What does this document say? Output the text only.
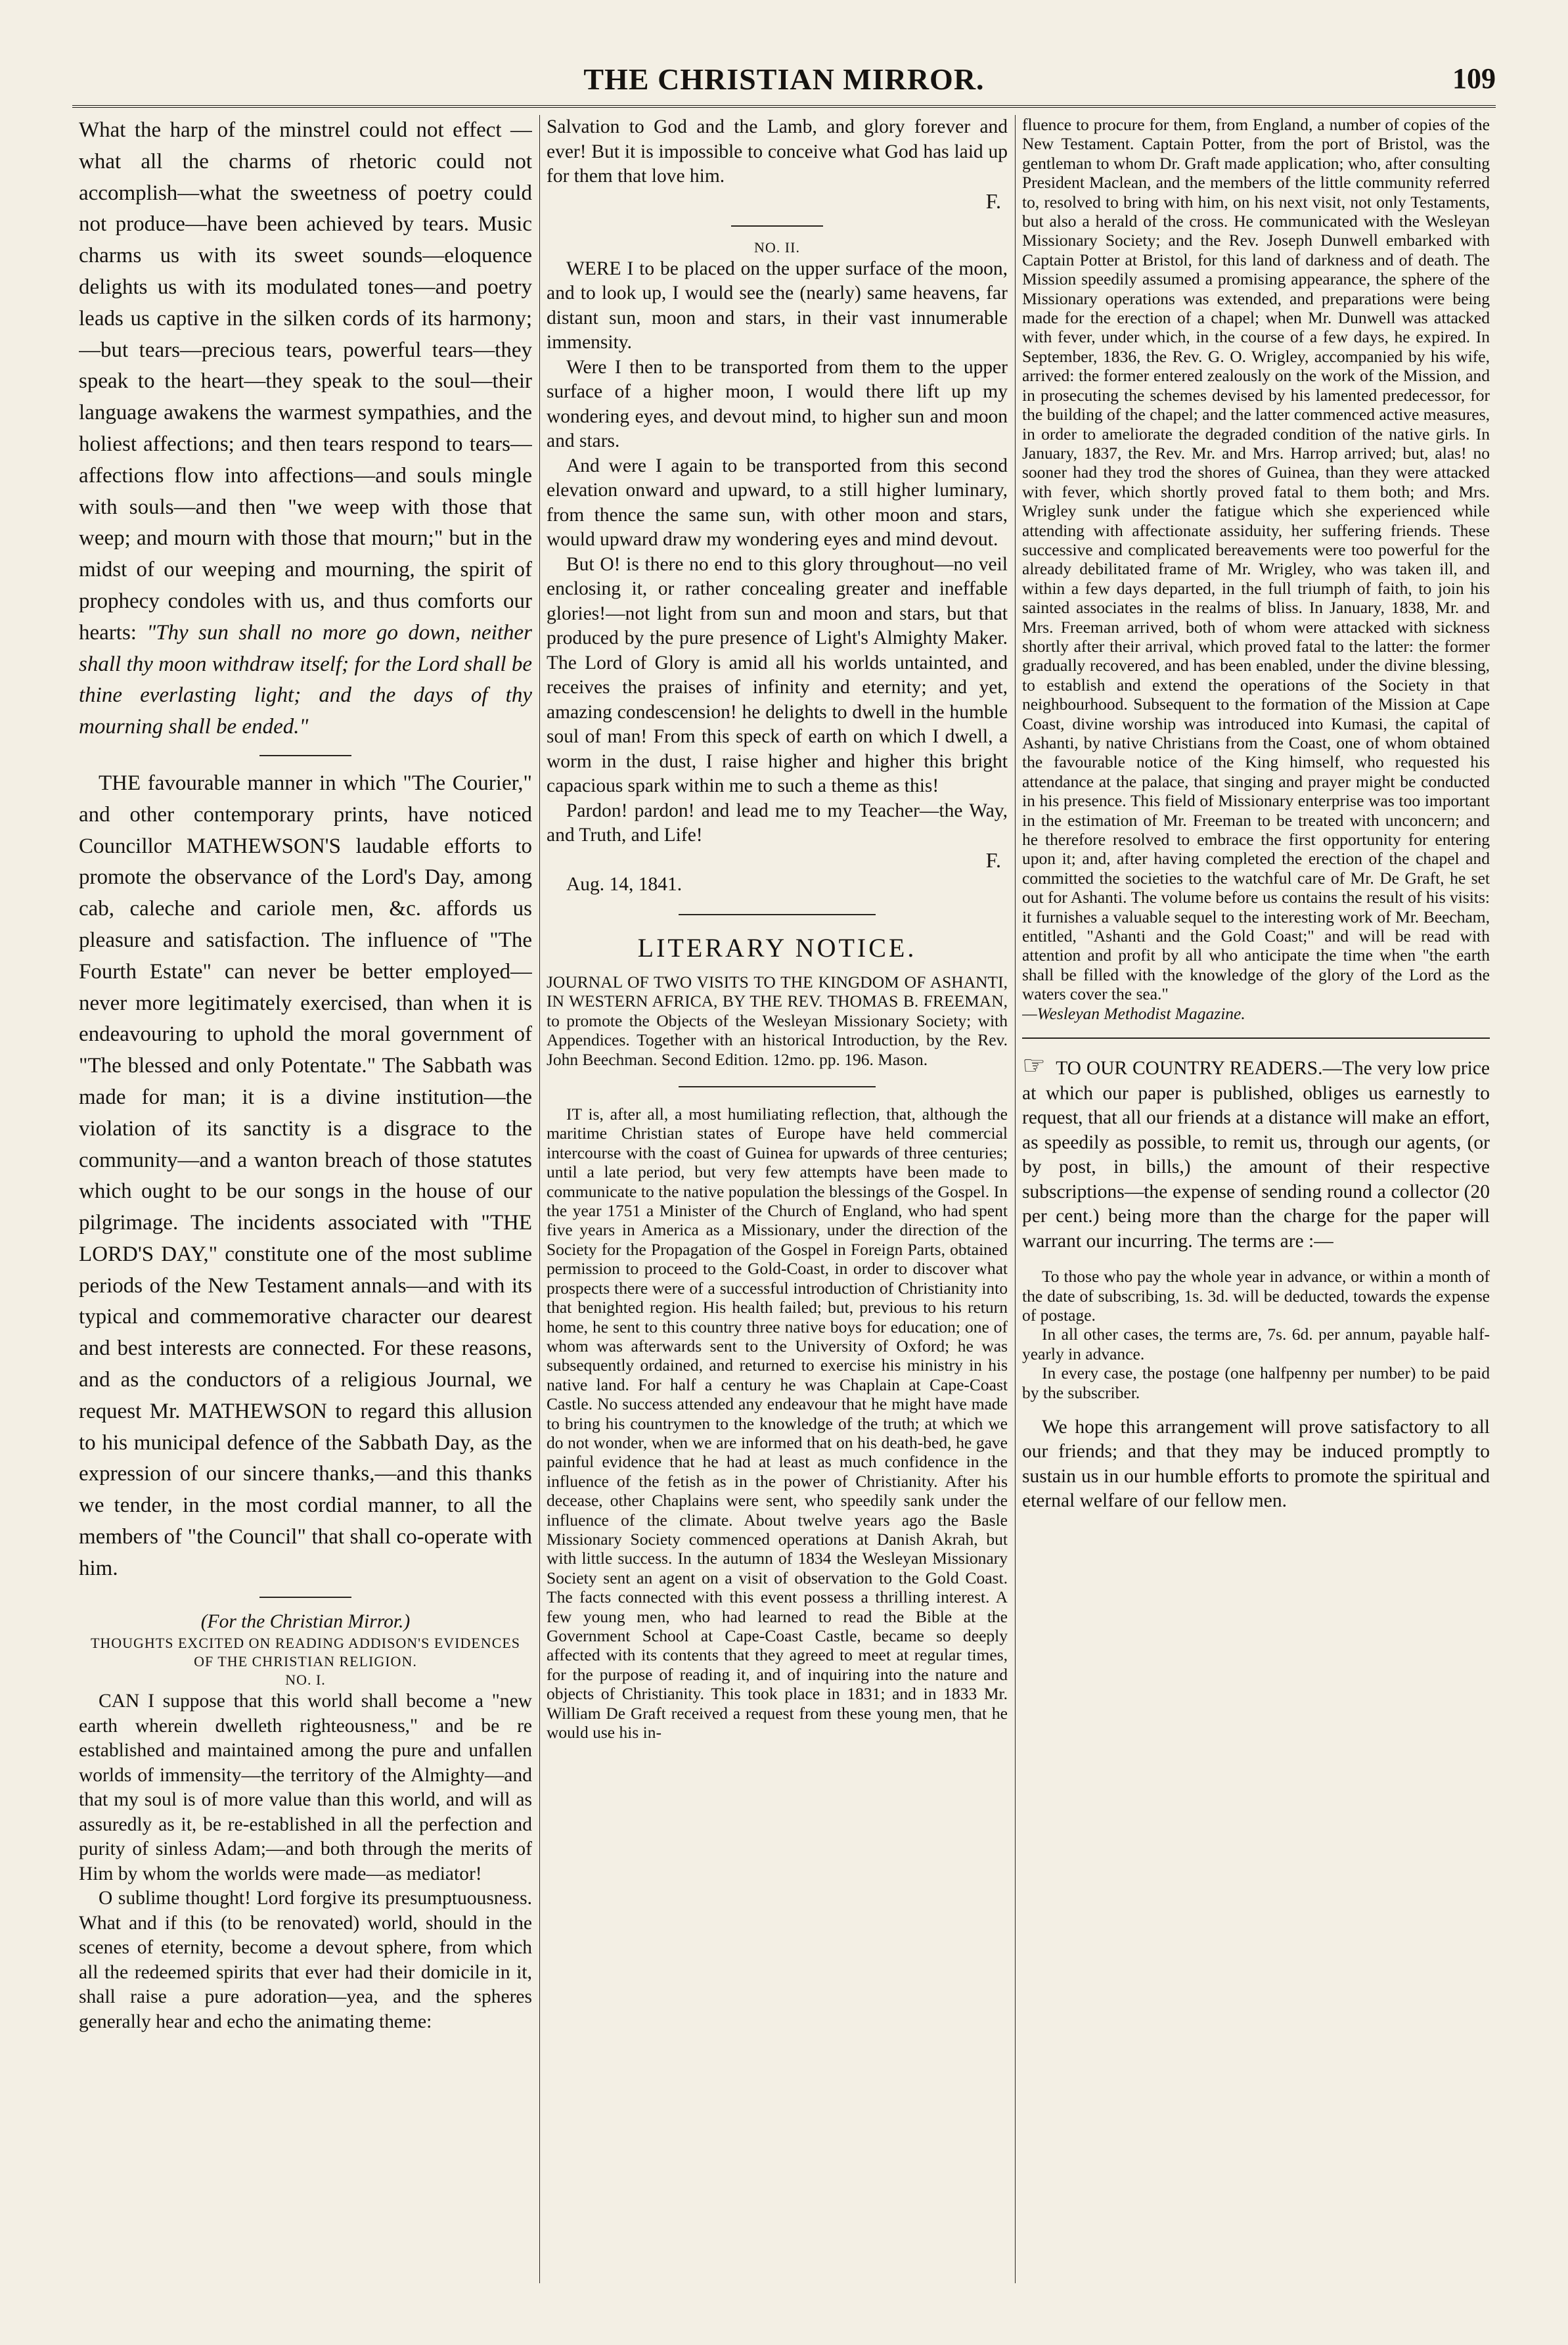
THE CHRISTIAN MIRROR.	109

What the harp of the minstrel could not effect —what all the charms of rhetoric could not accomplish—what the sweetness of poetry could not produce—have been achieved by tears. Music charms us with its sweet sounds—eloquence delights us with its modulated tones—and poetry leads us captive in the silken cords of its harmony;—but tears—precious tears, powerful tears—they speak to the heart—they speak to the soul—their language awakens the warmest sympathies, and the holiest affections; and then tears respond to tears—affections flow into affections—and souls mingle with souls—and then "we weep with those that weep; and mourn with those that mourn;" but in the midst of our weeping and mourning, the spirit of prophecy condoles with us, and thus comforts our hearts: "Thy sun shall no more go down, neither shall thy moon withdraw itself; for the Lord shall be thine everlasting light; and the days of thy mourning shall be ended."

THE favourable manner in which "The Courier," and other contemporary prints, have noticed Councillor MATHEWSON'S laudable efforts to promote the observance of the Lord's Day, among cab, caleche and cariole men, &c. affords us pleasure and satisfaction. The influence of "The Fourth Estate" can never be better employed—never more legitimately exercised, than when it is endeavouring to uphold the moral government of "The blessed and only Potentate." The Sabbath was made for man; it is a divine institution—the violation of its sanctity is a disgrace to the community—and a wanton breach of those statutes which ought to be our songs in the house of our pilgrimage. The incidents associated with "THE LORD'S DAY," constitute one of the most sublime periods of the New Testament annals—and with its typical and commemorative character our dearest and best interests are connected. For these reasons, and as the conductors of a religious Journal, we request Mr. MATHEWSON to regard this allusion to his municipal defence of the Sabbath Day, as the expression of our sincere thanks,—and this thanks we tender, in the most cordial manner, to all the members of "the Council" that shall co-operate with him.

(For the Christian Mirror.)

THOUGHTS EXCITED ON READING ADDISON'S EVIDENCES OF THE CHRISTIAN RELIGION.

NO. I.

CAN I suppose that this world shall become a "new earth wherein dwelleth righteousness," and be re established and maintained among the pure and unfallen worlds of immensity—the territory of the Almighty—and that my soul is of more value than this world, and will as assuredly as it, be re-established in all the perfection and purity of sinless Adam;—and both through the merits of Him by whom the worlds were made—as mediator!

O sublime thought! Lord forgive its presumptuousness. What and if this (to be renovated) world, should in the scenes of eternity, become a devout sphere, from which all the redeemed spirits that ever had their domicile in it, shall raise a pure adoration—yea, and the spheres generally hear and echo the animating theme:

Salvation to God and the Lamb, and glory forever and ever! But it is impossible to conceive what God has laid up for them that love him.

F.

NO. II.

WERE I to be placed on the upper surface of the moon, and to look up, I would see the (nearly) same heavens, far distant sun, moon and stars, in their vast innumerable immensity.

Were I then to be transported from them to the upper surface of a higher moon, I would there lift up my wondering eyes, and devout mind, to higher sun and moon and stars.

And were I again to be transported from this second elevation onward and upward, to a still higher luminary, from thence the same sun, with other moon and stars, would upward draw my wondering eyes and mind devout.

But O! is there no end to this glory throughout—no veil enclosing it, or rather concealing greater and ineffable glories!—not light from sun and moon and stars, but that produced by the pure presence of Light's Almighty Maker. The Lord of Glory is amid all his worlds untainted, and receives the praises of infinity and eternity; and yet, amazing condescension! he delights to dwell in the humble soul of man! From this speck of earth on which I dwell, a worm in the dust, I raise higher and higher this bright capacious spark within me to such a theme as this!

Pardon! pardon! and lead me to my Teacher—the Way, and Truth, and Life!

F.

Aug. 14, 1841.

LITERARY NOTICE.

JOURNAL OF TWO VISITS TO THE KINGDOM OF ASHANTI, IN WESTERN AFRICA, BY THE REV. THOMAS B. FREEMAN, to promote the Objects of the Wesleyan Missionary Society; with Appendices. Together with an historical Introduction, by the Rev. John Beechman. Second Edition. 12mo. pp. 196. Mason.

IT is, after all, a most humiliating reflection, that, although the maritime Christian states of Europe have held commercial intercourse with the coast of Guinea for upwards of three centuries; until a late period, but very few attempts have been made to communicate to the native population the blessings of the Gospel. In the year 1751 a Minister of the Church of England, who had spent five years in America as a Missionary, under the direction of the Society for the Propagation of the Gospel in Foreign Parts, obtained permission to proceed to the Gold-Coast, in order to discover what prospects there were of a successful introduction of Christianity into that benighted region. His health failed; but, previous to his return home, he sent to this country three native boys for education; one of whom was afterwards sent to the University of Oxford; he was subsequently ordained, and returned to exercise his ministry in his native land. For half a century he was Chaplain at Cape-Coast Castle. No success attended any endeavour that he might have made to bring his countrymen to the knowledge of the truth; at which we do not wonder, when we are informed that on his death-bed, he gave painful evidence that he had at least as much confidence in the influence of the fetish as in the power of Christianity. After his decease, other Chaplains were sent, who speedily sank under the influence of the climate. About twelve years ago the Basle Missionary Society commenced operations at Danish Akrah, but with little success. In the autumn of 1834 the Wesleyan Missionary Society sent an agent on a visit of observation to the Gold Coast. The facts connected with this event possess a thrilling interest. A few young men, who had learned to read the Bible at the Government School at Cape-Coast Castle, became so deeply affected with its contents that they agreed to meet at regular times, for the purpose of reading it, and of inquiring into the nature and objects of Christianity. This took place in 1831; and in 1833 Mr. William De Graft received a request from these young men, that he would use his in-

fluence to procure for them, from England, a number of copies of the New Testament. Captain Potter, from the port of Bristol, was the gentleman to whom Dr. Graft made application; who, after consulting President Maclean, and the members of the little community referred to, resolved to bring with him, on his next visit, not only Testaments, but also a herald of the cross. He communicated with the Wesleyan Missionary Society; and the Rev. Joseph Dunwell embarked with Captain Potter at Bristol, for this land of darkness and of death. The Mission speedily assumed a promising appearance, the sphere of the Missionary operations was extended, and preparations were being made for the erection of a chapel; when Mr. Dunwell was attacked with fever, under which, in the course of a few days, he expired. In September, 1836, the Rev. G. O. Wrigley, accompanied by his wife, arrived: the former entered zealously on the work of the Mission, and in prosecuting the schemes devised by his lamented predecessor, for the building of the chapel; and the latter commenced active measures, in order to ameliorate the degraded condition of the native girls. In January, 1837, the Rev. Mr. and Mrs. Harrop arrived; but, alas! no sooner had they trod the shores of Guinea, than they were attacked with fever, which shortly proved fatal to them both; and Mrs. Wrigley sunk under the fatigue which she experienced while attending with affectionate assiduity, her suffering friends. These successive and complicated bereavements were too powerful for the already debilitated frame of Mr. Wrigley, who was taken ill, and within a few days departed, in the full triumph of faith, to join his sainted associates in the realms of bliss. In January, 1838, Mr. and Mrs. Freeman arrived, both of whom were attacked with sickness shortly after their arrival, which proved fatal to the latter: the former gradually recovered, and has been enabled, under the divine blessing, to establish and extend the operations of the Society in that neighbourhood. Subsequent to the formation of the Mission at Cape Coast, divine worship was introduced into Kumasi, the capital of Ashanti, by native Christians from the Coast, one of whom obtained the favourable notice of the King himself, who requested his attendance at the palace, that singing and prayer might be conducted in his presence. This field of Missionary enterprise was too important in the estimation of Mr. Freeman to be treated with unconcern; and he therefore resolved to embrace the first opportunity for entering upon it; and, after having completed the erection of the chapel and committed the societies to the watchful care of Mr. De Graft, he set out for Ashanti. The volume before us contains the result of his visits: it furnishes a valuable sequel to the interesting work of Mr. Beecham, entitled, "Ashanti and the Gold Coast;" and will be read with attention and profit by all who anticipate the time when "the earth shall be filled with the knowledge of the glory of the Lord as the waters cover the sea."

—Wesleyan Methodist Magazine.

☞ TO OUR COUNTRY READERS.—The very low price at which our paper is published, obliges us earnestly to request, that all our friends at a distance will make an effort, as speedily as possible, to remit us, through our agents, (or by post, in bills,) the amount of their respective subscriptions—the expense of sending round a collector (20 per cent.) being more than the charge for the paper will warrant our incurring. The terms are :—

To those who pay the whole year in advance, or within a month of the date of subscribing, 1s. 3d. will be deducted, towards the expense of postage.

In all other cases, the terms are, 7s. 6d. per annum, payable half-yearly in advance.

In every case, the postage (one halfpenny per number) to be paid by the subscriber.

We hope this arrangement will prove satisfactory to all our friends; and that they may be induced promptly to sustain us in our humble efforts to promote the spiritual and eternal welfare of our fellow men.
